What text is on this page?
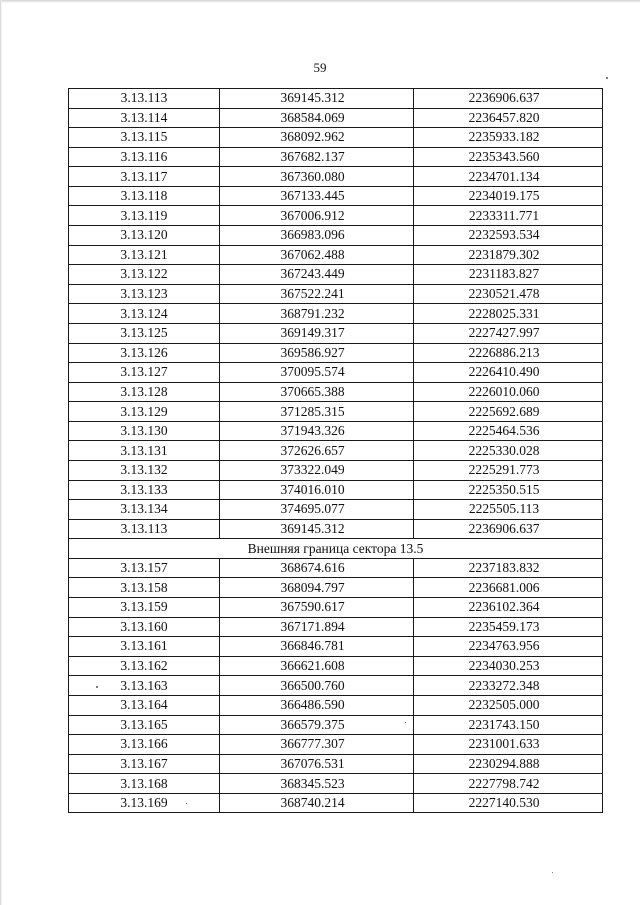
59
3.13.113	369145.312	2236906.637
3.13.114	368584.069	2236457.820
3.13.115	368092.962	2235933.182
3.13.116	367682.137	2235343.560
3.13.117	367360.080	2234701.134
3.13.118	367133.445	2234019.175
3.13.119	367006.912	2233311.771
3.13.120	366983.096	2232593.534
3.13.121	367062.488	2231879.302
3.13.122	367243.449	2231183.827
3.13.123	367522.241	2230521.478
3.13.124	368791.232	2228025.331
3.13.125	369149.317	2227427.997
3.13.126	369586.927	2226886.213
3.13.127	370095.574	2226410.490
3.13.128	370665.388	2226010.060
3.13.129	371285.315	2225692.689
3.13.130	371943.326	2225464.536
3.13.131	372626.657	2225330.028
3.13.132	373322.049	2225291.773
3.13.133	374016.010	2225350.515
3.13.134	374695.077	2225505.113
3.13.113	369145.312	2236906.637
Внешняя граница сектора 13.5		
3.13.157	368674.616	2237183.832
3.13.158	368094.797	2236681.006
3.13.159	367590.617	2236102.364
3.13.160	367171.894	2235459.173
3.13.161	366846.781	2234763.956
3.13.162	366621.608	2234030.253
3.13.163	366500.760	2233272.348
3.13.164	366486.590	2232505.000
3.13.165	366579.375	2231743.150
3.13.166	366777.307	2231001.633
3.13.167	367076.531	2230294.888
3.13.168	368345.523	2227798.742
3.13.169	368740.214	2227140.530
